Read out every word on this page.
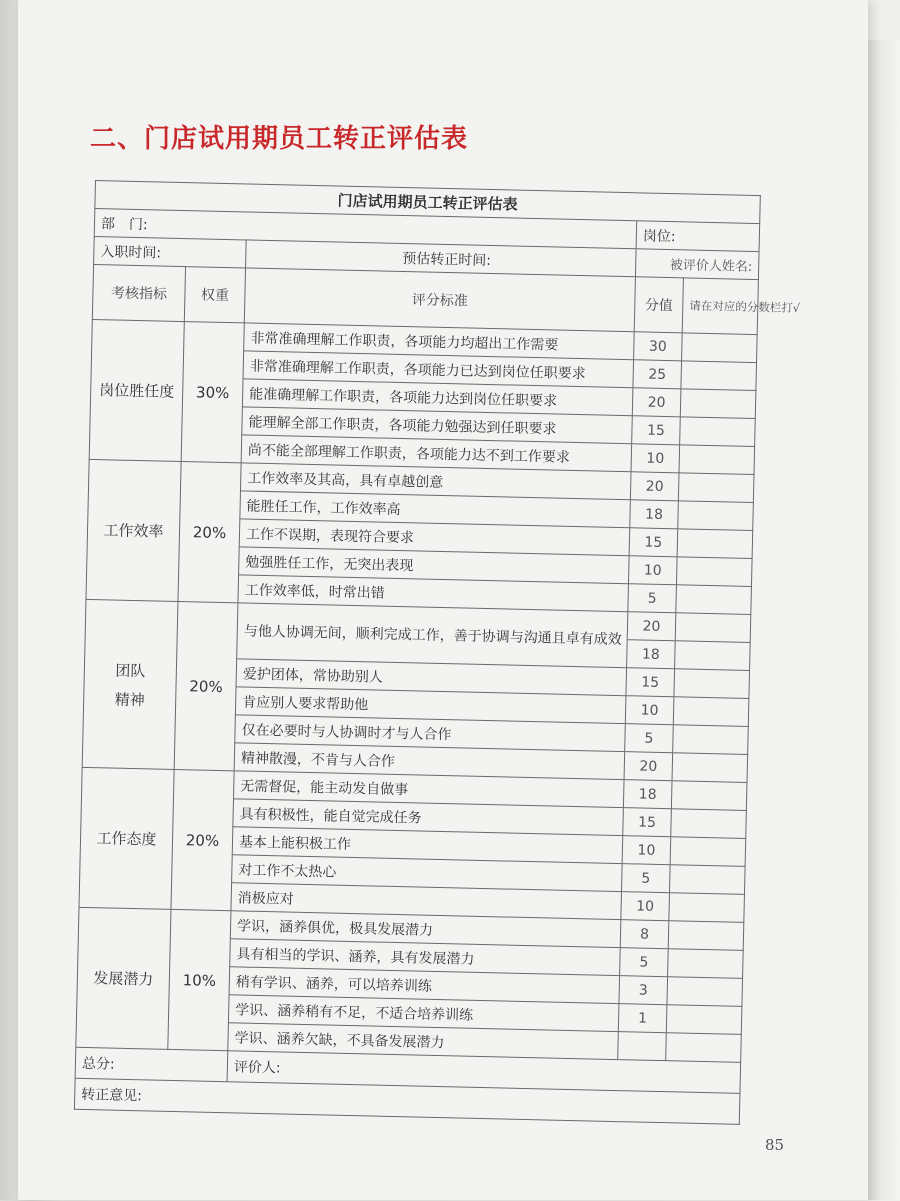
二、门店试用期员工转正评估表
门店试用期员工转正评估表				
部　门:			岗位:	
入职时间:		预估转正时间:	被评价人姓名:	
考核指标	权重	评分标准	分值	请在对应的分数栏打√
岗位胜任度	30%	非常准确理解工作职责，各项能力均超出工作需要	30	
		非常准确理解工作职责，各项能力已达到岗位任职要求	25	
		能准确理解工作职责，各项能力达到岗位任职要求	20	
		能理解全部工作职责，各项能力勉强达到任职要求	15	
		尚不能全部理解工作职责，各项能力达不到工作要求	10	
工作效率	20%	工作效率及其高，具有卓越创意	20	
		能胜任工作，工作效率高	18	
		工作不误期，表现符合要求	15	
		勉强胜任工作，无突出表现	10	
		工作效率低，时常出错	5	

团队
精神	20%	与他人协调无间，顺利完成工作，善于协调与沟通且卓有成效	20	
			18	
		爱护团体，常协助别人	15	
		肯应别人要求帮助他	10	
		仅在必要时与人协调时才与人合作	5	
		精神散漫，不肯与人合作	20	
工作态度	20%	无需督促，能主动发自做事	18	
		具有积极性，能自觉完成任务	15	
		基本上能积极工作	10	
		对工作不太热心	5	
		消极应对	10	
发展潜力	10%	学识，涵养俱优，极具发展潜力	8	
		具有相当的学识、涵养，具有发展潜力	5	
		稍有学识、涵养，可以培养训练	3	
		学识、涵养稍有不足，不适合培养训练	1	
		学识、涵养欠缺，不具备发展潜力		
总分:		评价人:		
转正意见:				
85
